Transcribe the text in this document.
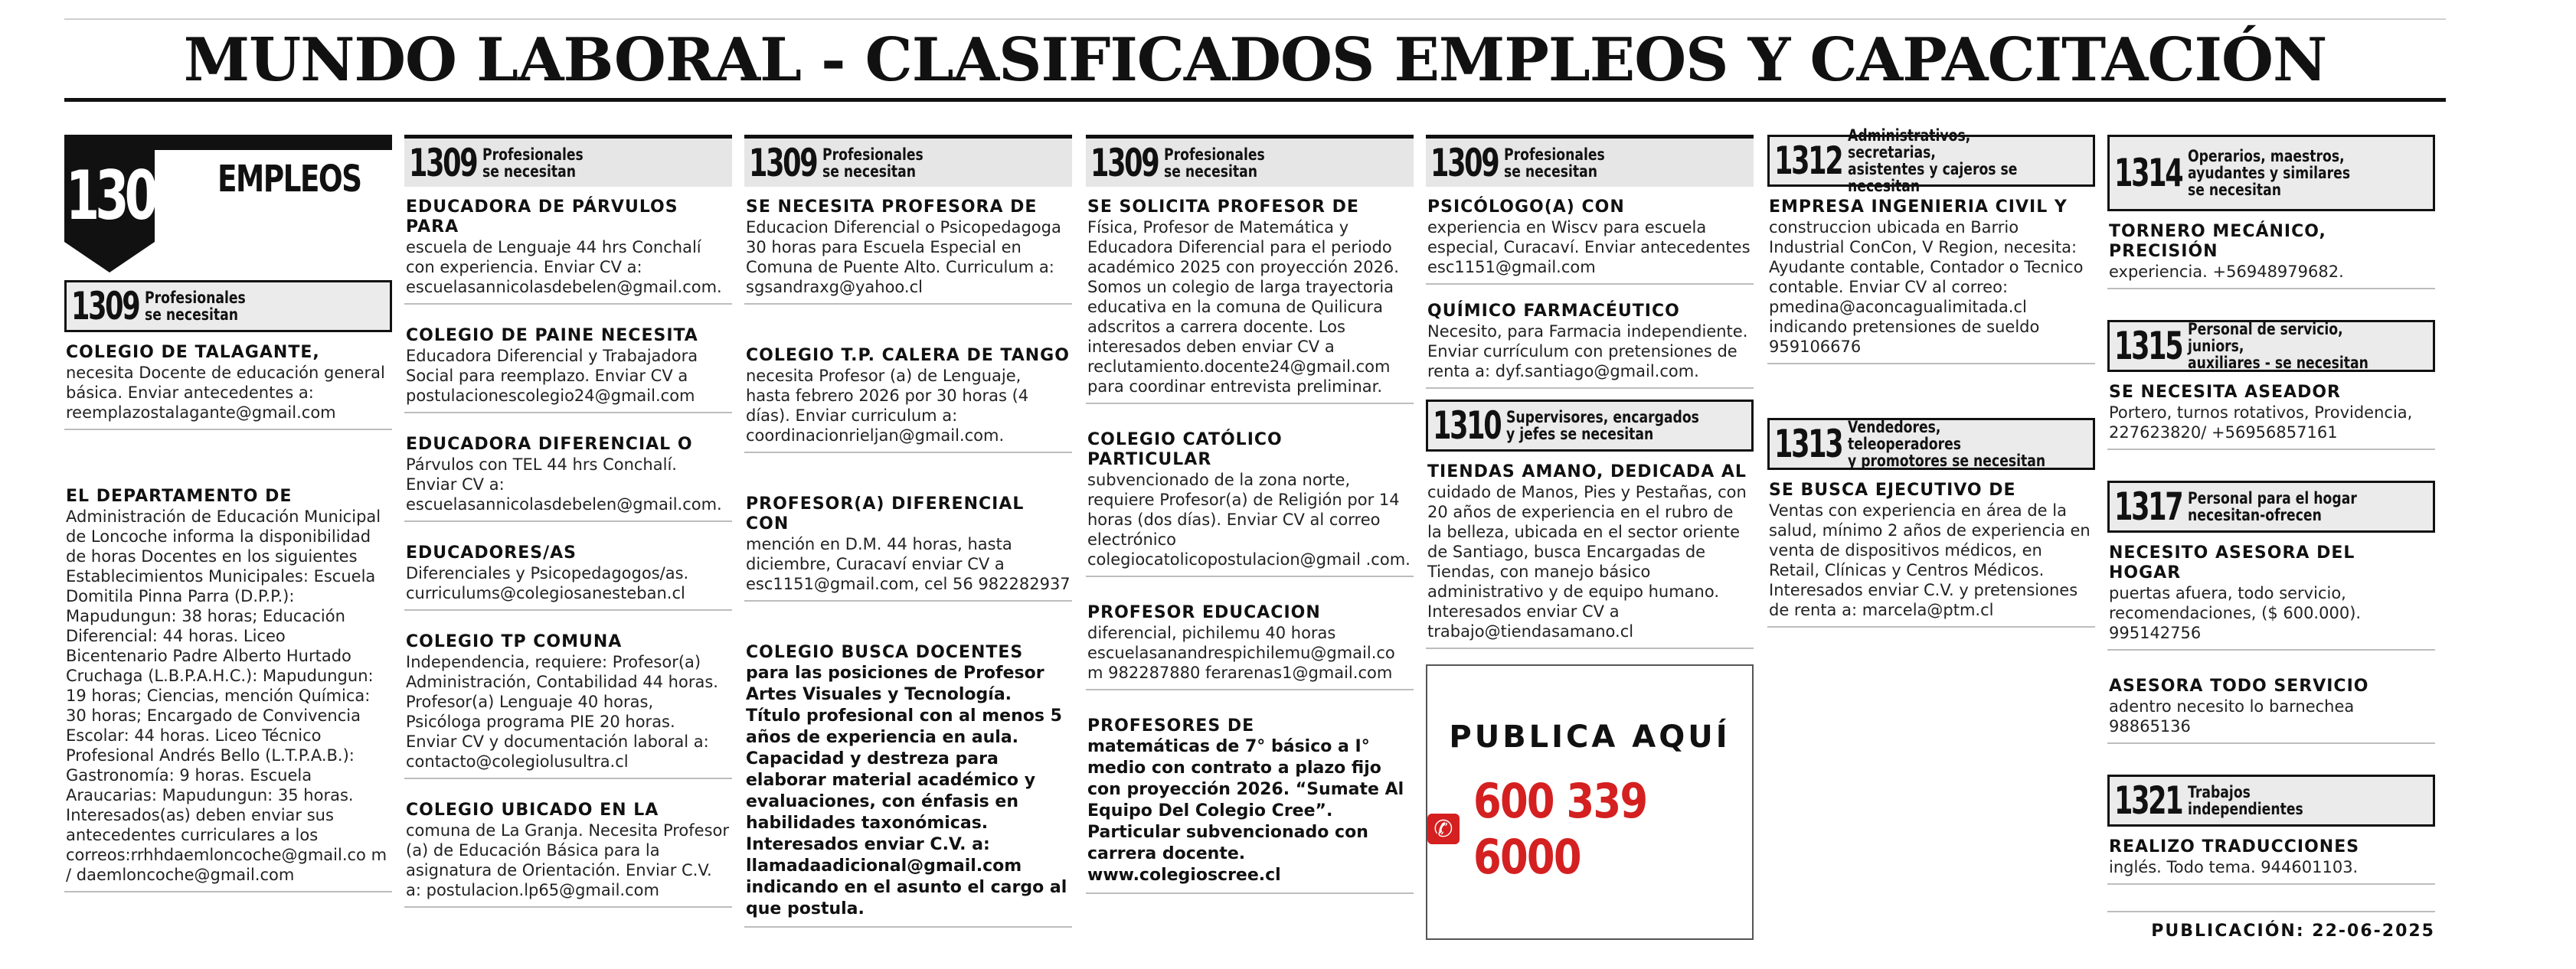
MUNDO LABORAL - CLASIFICADOS EMPLEOS Y CAPACITACIÓN
1300 EMPLEOS
1309 Profesionales
se necesitan
COLEGIO DE TALAGANTE,
necesita Docente de educación general básica. Enviar antecedentes a: reemplazostalagante@gmail.com
EL DEPARTAMENTO DE
Administración de Educación Municipal de Loncoche informa la disponibilidad de horas Docentes en los siguientes Establecimientos Municipales: Escuela Domitila Pinna Parra (D.P.P.): Mapudungun: 38 horas; Educación Diferencial: 44 horas. Liceo Bicentenario Padre Alberto Hurtado Cruchaga (L.B.P.A.H.C.): Mapudungun: 19 horas; Ciencias, mención Química: 30 horas; Encargado de Convivencia Escolar: 44 horas. Liceo Técnico Profesional Andrés Bello (L.T.P.A.B.): Gastronomía: 9 horas. Escuela Araucarias: Mapudungun: 35 horas. Interesados(as) deben enviar sus antecedentes curriculares a los correos:rrhhdaemloncoche@gmail.co m / daemloncoche@gmail.com
1309 Profesionales
se necesitan
EDUCADORA DE PÁRVULOS PARA
escuela de Lenguaje 44 hrs Conchalí con experiencia. Enviar CV a: escuelasannicolasdebelen@gmail.com.
COLEGIO DE PAINE NECESITA
Educadora Diferencial y Trabajadora Social para reemplazo. Enviar CV a postulacionescolegio24@gmail.com
EDUCADORA DIFERENCIAL O
Párvulos con TEL 44 hrs Conchalí. Enviar CV a: escuelasannicolasdebelen@gmail.com.
EDUCADORES/AS
Diferenciales y Psicopedagogos/as. curriculums@colegiosanesteban.cl
COLEGIO TP COMUNA
Independencia, requiere: Profesor(a) Administración, Contabilidad 44 horas. Profesor(a) Lenguaje 40 horas, Psicóloga programa PIE 20 horas. Enviar CV y documentación laboral a: contacto@colegiolusultra.cl
COLEGIO UBICADO EN LA
comuna de La Granja. Necesita Profesor (a) de Educación Básica para la asignatura de Orientación. Enviar C.V. a: postulacion.lp65@gmail.com
1309 Profesionales
se necesitan
SE NECESITA PROFESORA DE
Educacion Diferencial o Psicopedagoga 30 horas para Escuela Especial en Comuna de Puente Alto. Curriculum a: sgsandraxg@yahoo.cl
COLEGIO T.P. CALERA DE TANGO
necesita Profesor (a) de Lenguaje, hasta febrero 2026 por 30 horas (4 días). Enviar curriculum a: coordinacionrieljan@gmail.com.
PROFESOR(A) DIFERENCIAL CON
mención en D.M. 44 horas, hasta diciembre, Curacaví enviar CV a esc1151@gmail.com, cel 56 982282937
COLEGIO BUSCA DOCENTES
para las posiciones de Profesor Artes Visuales y Tecnología. Título profesional con al menos 5 años de experiencia en aula. Capacidad y destreza para elaborar material académico y evaluaciones, con énfasis en habilidades taxonómicas. Interesados enviar C.V. a: llamadaadicional@gmail.com indicando en el asunto el cargo al que postula.
1309 Profesionales
se necesitan
SE SOLICITA PROFESOR DE
Física, Profesor de Matemática y Educadora Diferencial para el periodo académico 2025 con proyección 2026. Somos un colegio de larga trayectoria educativa en la comuna de Quilicura adscritos a carrera docente. Los interesados deben enviar CV a reclutamiento.docente24@gmail.com para coordinar entrevista preliminar.
COLEGIO CATÓLICO PARTICULAR
subvencionado de la zona norte, requiere Profesor(a) de Religión por 14 horas (dos días). Enviar CV al correo electrónico colegiocatolicopostulacion@gmail .com.
PROFESOR EDUCACION
diferencial, pichilemu 40 horas escuelasanandrespichilemu@gmail.co m 982287880 ferarenas1@gmail.com
PROFESORES DE
matemáticas de 7° básico a I° medio con contrato a plazo fijo con proyección 2026. “Sumate Al Equipo Del Colegio Cree”. Particular subvencionado con carrera docente. www.colegioscree.cl
1309 Profesionales
se necesitan
PSICÓLOGO(A) CON
experiencia en Wiscv para escuela especial, Curacaví. Enviar antecedentes esc1151@gmail.com
QUÍMICO FARMACÉUTICO
Necesito, para Farmacia independiente. Enviar currículum con pretensiones de renta a: dyf.santiago@gmail.com.
1310 Supervisores, encargados
y jefes se necesitan
TIENDAS AMANO, DEDICADA AL
cuidado de Manos, Pies y Pestañas, con 20 años de experiencia en el rubro de la belleza, ubicada en el sector oriente de Santiago, busca Encargadas de Tiendas, con manejo básico administrativo y de equipo humano. Interesados enviar CV a trabajo@tiendasamano.cl
PUBLICA AQUÍ
✆ 600 339 6000
1312
Administrativos, secretarias,
asistentes y cajeros se necesitan
EMPRESA INGENIERIA CIVIL Y
construccion ubicada en Barrio Industrial ConCon, V Region, necesita: Ayudante contable, Contador o Tecnico contable. Enviar CV al correo: pmedina@aconcagualimitada.cl indicando pretensiones de sueldo 959106676
1313 Vendedores, teleoperadores
y promotores se necesitan
SE BUSCA EJECUTIVO DE
Ventas con experiencia en área de la salud, mínimo 2 años de experiencia en venta de dispositivos médicos, en Retail, Clínicas y Centros Médicos. Interesados enviar C.V. y pretensiones de renta a: marcela@ptm.cl
1314 Operarios, maestros,
ayudantes y similares
se necesitan
TORNERO MECÁNICO, PRECISIÓN
experiencia. +56948979682.
1315 Personal de servicio, juniors,
auxiliares - se necesitan
SE NECESITA ASEADOR
Portero, turnos rotativos, Providencia, 227623820/ +56956857161
1317 Personal para el hogar
necesitan-ofrecen
NECESITO ASESORA DEL HOGAR
puertas afuera, todo servicio, recomendaciones, ($ 600.000). 995142756
ASESORA TODO SERVICIO
adentro necesito lo barnechea 98865136
1321 Trabajos
independientes
REALIZO TRADUCCIONES
inglés. Todo tema. 944601103.
PUBLICACIÓN: 22-06-2025
